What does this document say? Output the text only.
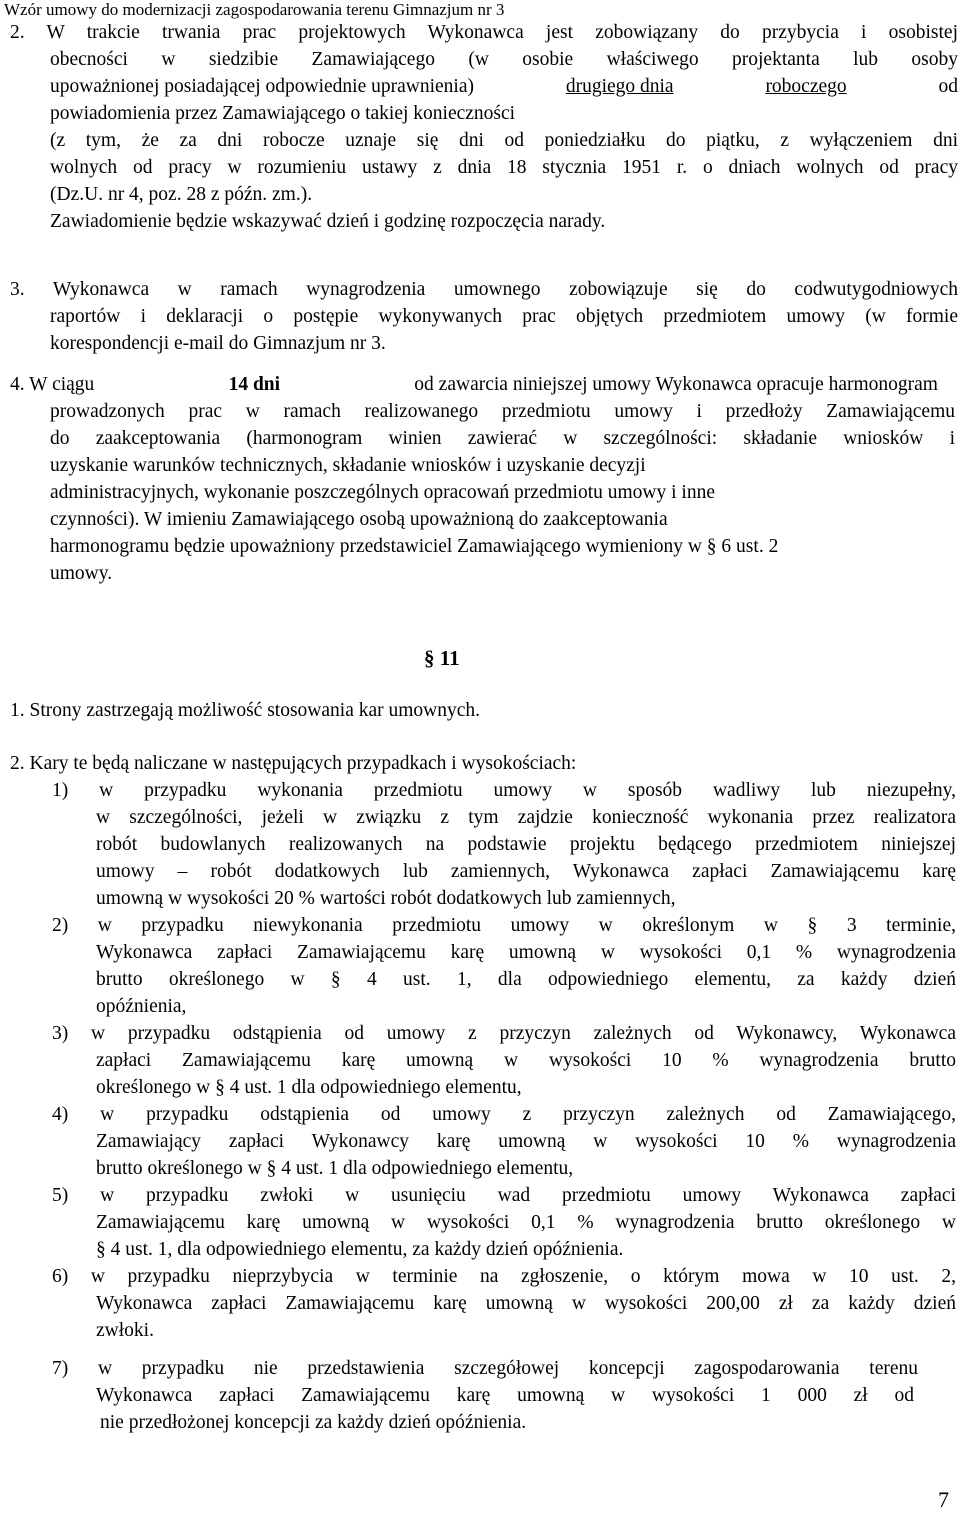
Wzór umowy do modernizacji zagospodarowania terenu Gimnazjum nr 3
2. W trakcie trwania prac projektowych Wykonawca jest zobowiązany do przybycia i osobistej
obecności w siedzibie Zamawiającego (w osobie właściwego projektanta lub osoby
upoważnionej posiadającej odpowiednie uprawnienia)	drugiego dnia	roboczego	od
powiadomienia przez Zamawiającego o takiej konieczności
(z tym, że za dni robocze uznaje się dni od poniedziałku do piątku, z wyłączeniem dni
wolnych od pracy w rozumieniu ustawy z dnia 18 stycznia 1951 r. o dniach wolnych od pracy
(Dz.U. nr 4, poz. 28 z późn. zm.).
Zawiadomienie będzie wskazywać dzień i godzinę rozpoczęcia narady.
3. Wykonawca w ramach wynagrodzenia umownego zobowiązuje się do codwutygodniowych
raportów i deklaracji o postępie wykonywanych prac objętych przedmiotem umowy (w formie
korespondencji e-mail do Gimnazjum nr 3.
4. W ciągu	14 dni	od zawarcia niniejszej umowy Wykonawca opracuje harmonogram
prowadzonych prac w ramach realizowanego przedmiotu umowy i przedłoży Zamawiającemu
do zaakceptowania (harmonogram winien zawierać w szczególności: składanie wniosków i
uzyskanie warunków technicznych, składanie wniosków i uzyskanie decyzji
administracyjnych, wykonanie poszczególnych opracowań przedmiotu umowy i inne
czynności). W imieniu Zamawiającego osobą upoważnioną do zaakceptowania
harmonogramu będzie upoważniony przedstawiciel Zamawiającego wymieniony w § 6 ust. 2
umowy.
§ 11
1. Strony zastrzegają możliwość stosowania kar umownych.
2. Kary te będą naliczane w następujących przypadkach i wysokościach:
1) w przypadku wykonania przedmiotu umowy w sposób wadliwy lub niezupełny,
w szczególności, jeżeli w związku z tym zajdzie konieczność wykonania przez realizatora
robót budowlanych realizowanych na podstawie projektu będącego przedmiotem niniejszej
umowy – robót dodatkowych lub zamiennych, Wykonawca zapłaci Zamawiającemu karę
umowną w wysokości 20 % wartości robót dodatkowych lub zamiennych,
2) w przypadku niewykonania przedmiotu umowy w określonym w § 3 terminie,
Wykonawca zapłaci Zamawiającemu karę umowną w wysokości 0,1 % wynagrodzenia
brutto określonego w § 4 ust. 1, dla odpowiedniego elementu, za każdy dzień
opóźnienia,
3) w przypadku odstąpienia od umowy z przyczyn zależnych od Wykonawcy, Wykonawca
zapłaci Zamawiającemu karę umowną w wysokości 10 % wynagrodzenia brutto
określonego w § 4 ust. 1 dla odpowiedniego elementu,
4) w przypadku odstąpienia od umowy z przyczyn zależnych od Zamawiającego,
Zamawiający zapłaci Wykonawcy karę umowną w wysokości 10 % wynagrodzenia
brutto określonego w § 4 ust. 1 dla odpowiedniego elementu,
5) w przypadku zwłoki w usunięciu wad przedmiotu umowy Wykonawca zapłaci
Zamawiającemu karę umowną w wysokości 0,1 % wynagrodzenia brutto określonego w
§ 4 ust. 1, dla odpowiedniego elementu, za każdy dzień opóźnienia.
6) w przypadku nieprzybycia w terminie na zgłoszenie, o którym mowa w 10 ust. 2,
Wykonawca zapłaci Zamawiającemu karę umowną w wysokości 200,00 zł za każdy dzień
zwłoki.
7) w przypadku nie przedstawienia szczegółowej koncepcji zagospodarowania terenu
Wykonawca zapłaci Zamawiającemu karę umowną w wysokości 1 000 zł od
nie przedłożonej koncepcji za każdy dzień opóźnienia.
7
